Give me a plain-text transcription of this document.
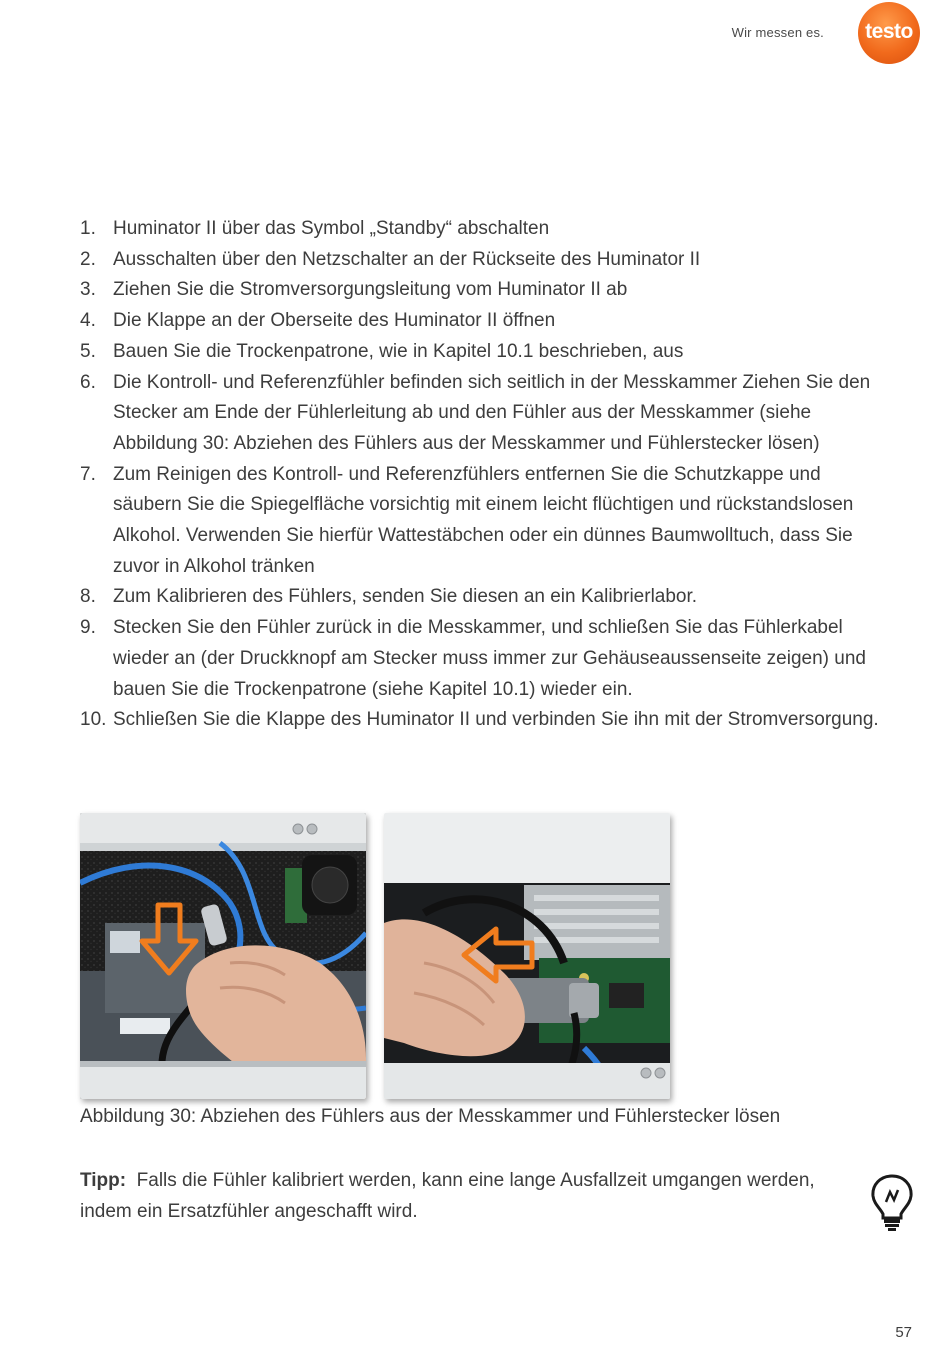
Wir messen es.	testo
1. Huminator II über das Symbol „Standby“ abschalten
2. Ausschalten über den Netzschalter an der Rückseite des Huminator II
3. Ziehen Sie die Stromversorgungsleitung vom Huminator II ab
4. Die Klappe an der Oberseite des Huminator II öffnen
5. Bauen Sie die Trockenpatrone, wie in Kapitel 10.1 beschrieben, aus
6. Die Kontroll- und Referenzfühler befinden sich seitlich in der Messkammer Ziehen Sie den Stecker am Ende der Fühlerleitung ab und den Fühler aus der Messkammer (siehe Abbildung 30: Abziehen des Fühlers aus der Messkammer und Fühlerstecker lösen)
7. Zum Reinigen des Kontroll- und Referenzfühlers entfernen Sie die Schutzkappe und säubern Sie die Spiegelfläche vorsichtig mit einem leicht flüchtigen und rückstandslosen Alkohol. Verwenden Sie hierfür Wattestäbchen oder ein dünnes Baumwolltuch, dass Sie zuvor in Alkohol tränken
8. Zum Kalibrieren des Fühlers, senden Sie diesen an ein Kalibrierlabor.
9. Stecken Sie den Fühler zurück in die Messkammer, und schließen Sie das Fühlerkabel wieder an (der Druckknopf am Stecker muss immer zur Gehäuseaussenseite zeigen) und bauen Sie die Trockenpatrone (siehe Kapitel 10.1) wieder ein.
10. Schließen Sie die Klappe des Huminator II und verbinden Sie ihn mit der Stromversorgung.
Abbildung 30: Abziehen des Fühlers aus der Messkammer und Fühlerstecker lösen
Tipp: Falls die Fühler kalibriert werden, kann eine lange Ausfallzeit umgangen werden, indem ein Ersatzfühler angeschafft wird.
57
